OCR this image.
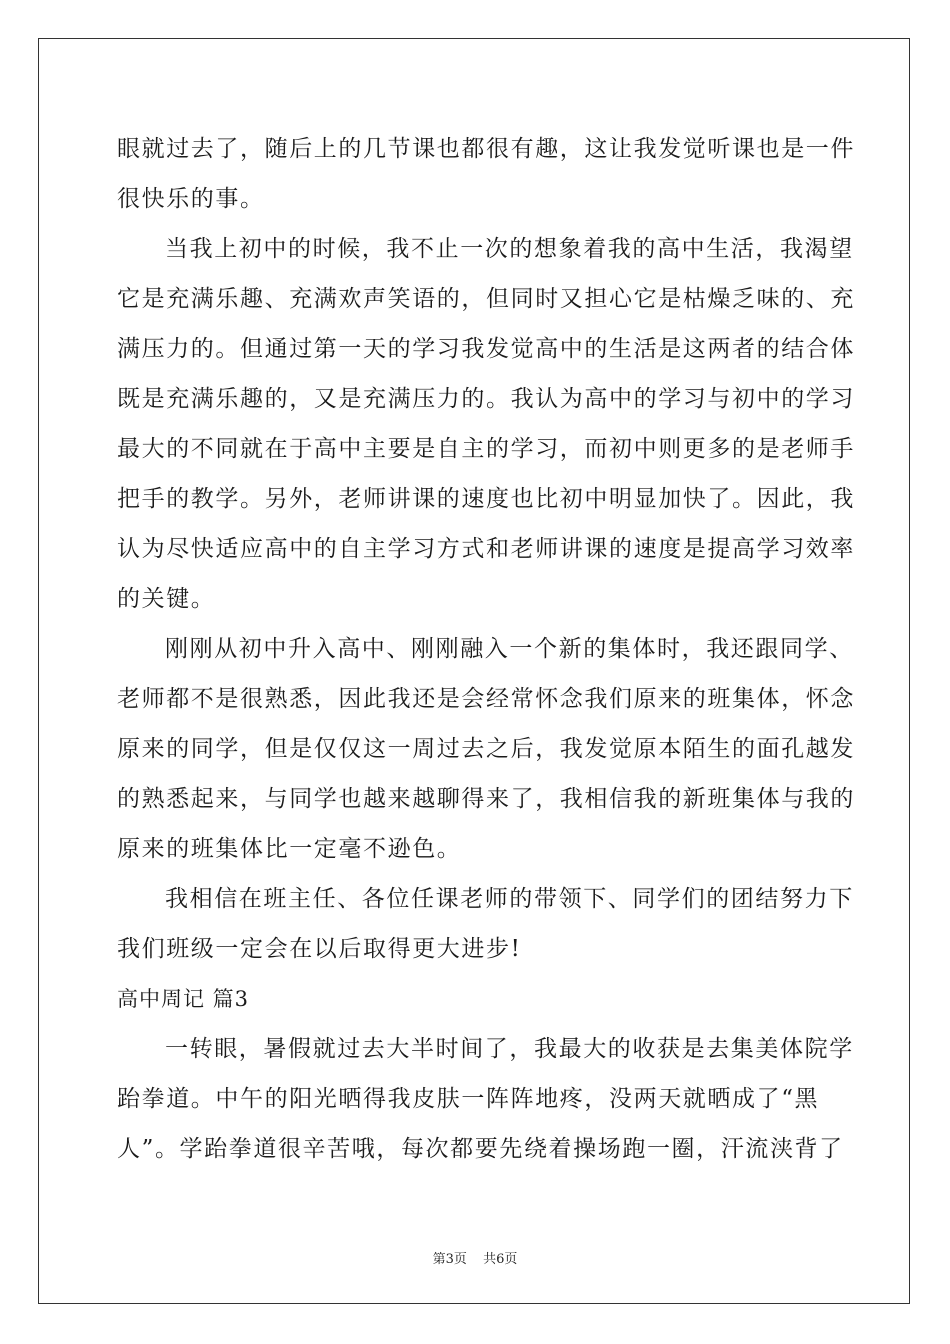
眼就过去了，随后上的几节课也都很有趣，这让我发觉听课也是一件
很快乐的事。
当我上初中的时候，我不止一次的想象着我的高中生活，我渴望
它是充满乐趣、充满欢声笑语的，但同时又担心它是枯燥乏味的、充
满压力的。但通过第一天的学习我发觉高中的生活是这两者的结合体
既是充满乐趣的，又是充满压力的。我认为高中的学习与初中的学习
最大的不同就在于高中主要是自主的学习，而初中则更多的是老师手
把手的教学。另外，老师讲课的速度也比初中明显加快了。因此，我
认为尽快适应高中的自主学习方式和老师讲课的速度是提高学习效率
的关键。
刚刚从初中升入高中、刚刚融入一个新的集体时，我还跟同学、
老师都不是很熟悉，因此我还是会经常怀念我们原来的班集体，怀念
原来的同学，但是仅仅这一周过去之后，我发觉原本陌生的面孔越发
的熟悉起来，与同学也越来越聊得来了，我相信我的新班集体与我的
原来的班集体比一定毫不逊色。
我相信在班主任、各位任课老师的带领下、同学们的团结努力下
我们班级一定会在以后取得更大进步!
高中周记 篇3
一转眼，暑假就过去大半时间了，我最大的收获是去集美体院学
跆拳道。中午的阳光晒得我皮肤一阵阵地疼，没两天就晒成了“黑
人”。学跆拳道很辛苦哦，每次都要先绕着操场跑一圈，汗流浃背了
第3页 共6页
